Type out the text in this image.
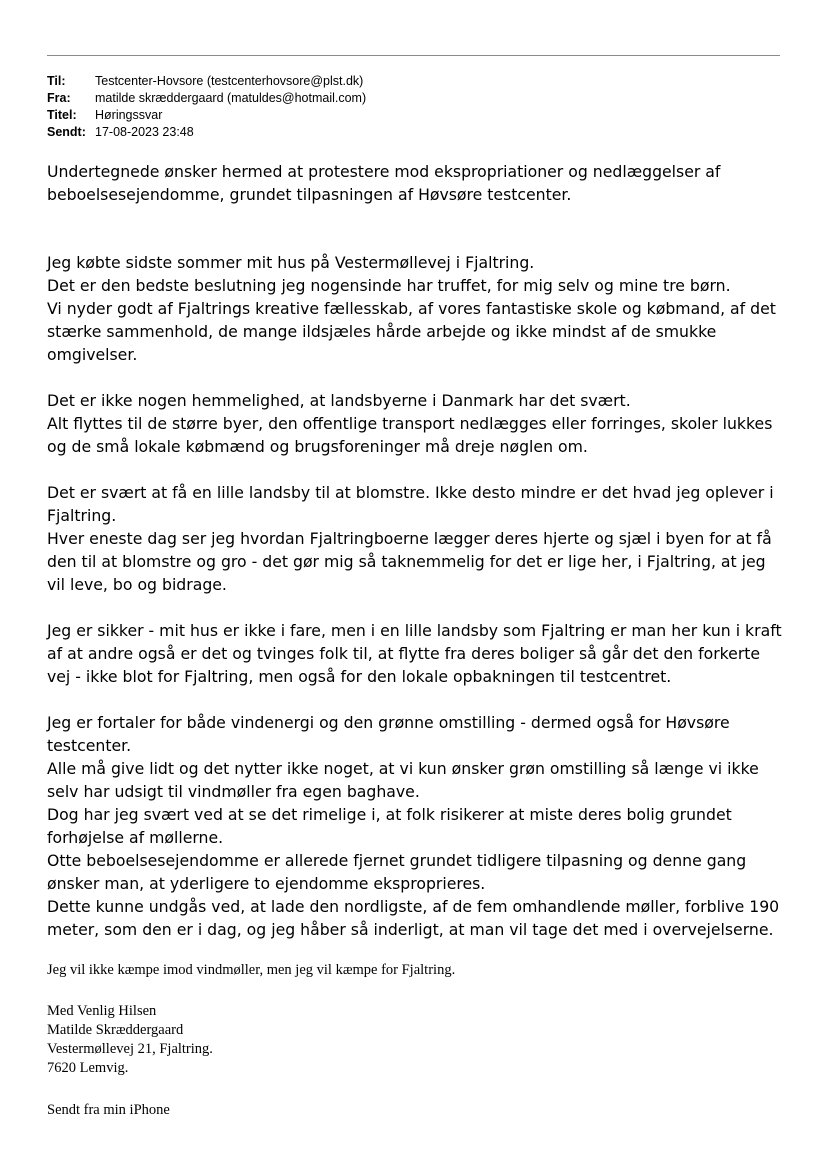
Til: Testcenter-Hovsore (testcenterhovsore@plst.dk)
Fra: matilde skræddergaard (matuldes@hotmail.com)
Titel: Høringssvar
Sendt: 17-08-2023 23:48

Undertegnede ønsker hermed at protestere mod ekspropriationer og nedlæggelser af beboelsesejendomme, grundet tilpasningen af Høvsøre testcenter.

Jeg købte sidste sommer mit hus på Vestermøllevej i Fjaltring.

Det er den bedste beslutning jeg nogensinde har truffet, for mig selv og mine tre børn.

Vi nyder godt af Fjaltrings kreative fællesskab, af vores fantastiske skole og købmand, af det stærke sammenhold, de mange ildsjæles hårde arbejde og ikke mindst af de smukke omgivelser.

Det er ikke nogen hemmelighed, at landsbyerne i Danmark har det svært.

Alt flyttes til de større byer, den offentlige transport nedlægges eller forringes, skoler lukkes og de små lokale købmænd og brugsforeninger må dreje nøglen om.

Det er svært at få en lille landsby til at blomstre. Ikke desto mindre er det hvad jeg oplever i Fjaltring.

Hver eneste dag ser jeg hvordan Fjaltringboerne lægger deres hjerte og sjæl i byen for at få den til at blomstre og gro - det gør mig så taknemmelig for det er lige her, i Fjaltring, at jeg vil leve, bo og bidrage.

Jeg er sikker - mit hus er ikke i fare, men i en lille landsby som Fjaltring er man her kun i kraft af at andre også er det og tvinges folk til, at flytte fra deres boliger så går det den forkerte vej - ikke blot for Fjaltring, men også for den lokale opbakningen til testcentret.

Jeg er fortaler for både vindenergi og den grønne omstilling - dermed også for Høvsøre testcenter.

Alle må give lidt og det nytter ikke noget, at vi kun ønsker grøn omstilling så længe vi ikke selv har udsigt til vindmøller fra egen baghave.

Dog har jeg svært ved at se det rimelige i, at folk risikerer at miste deres bolig grundet forhøjelse af møllerne.

Otte beboelsesejendomme er allerede fjernet grundet tidligere tilpasning og denne gang ønsker man, at yderligere to ejendomme eksproprieres.

Dette kunne undgås ved, at lade den nordligste, af de fem omhandlende møller, forblive 190 meter, som den er i dag, og jeg håber så inderligt, at man vil tage det med i overvejelserne.

Jeg vil ikke kæmpe imod vindmøller, men jeg vil kæmpe for Fjaltring.
Med Venlig Hilsen
Matilde Skræddergaard
Vestermøllevej 21, Fjaltring.
7620 Lemvig.
Sendt fra min iPhone
